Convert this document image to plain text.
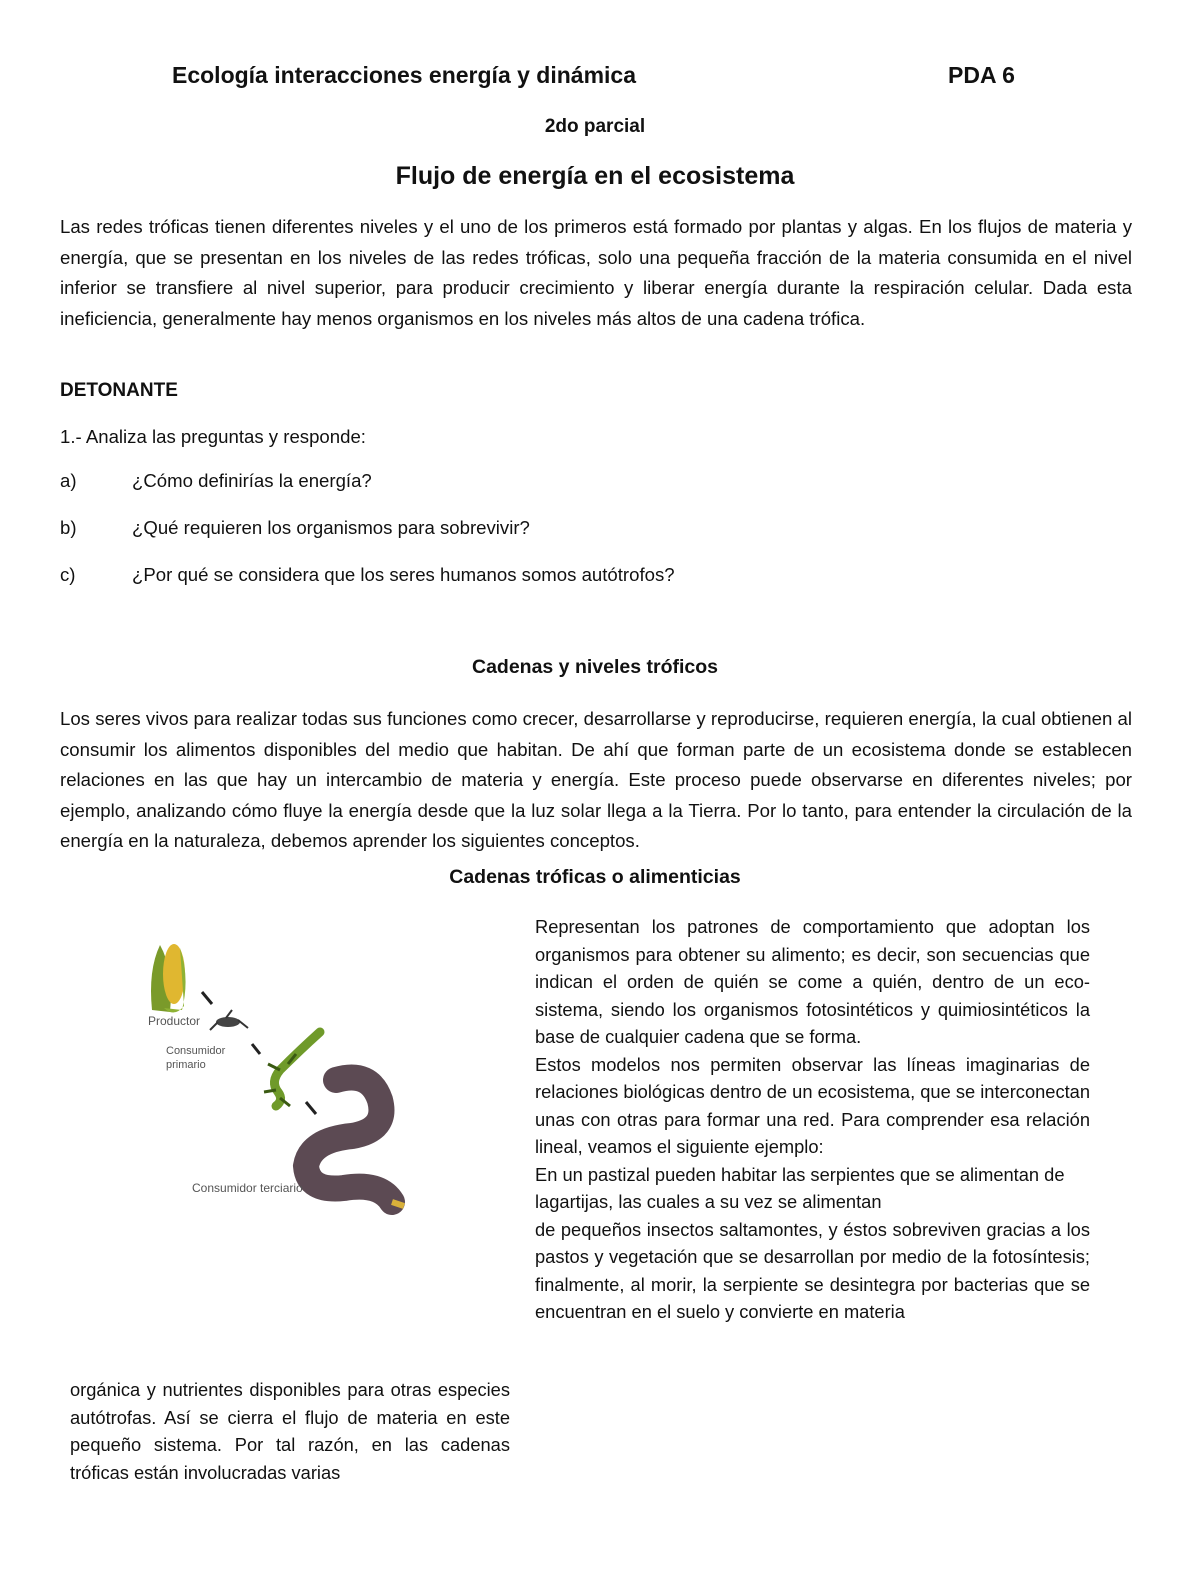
Ecología interacciones energía y dinámica	PDA 6
2do parcial
Flujo de energía en el ecosistema
Las redes tróficas tienen diferentes niveles y el uno de los primeros está formado por plantas y algas. En los flujos de materia y energía, que se presentan en los niveles de las redes tróficas, solo una pequeña fracción de la materia consumida en el nivel inferior se transfiere al nivel superior, para producir crecimiento y liberar energía durante la respiración celular. Dada esta ineficiencia, generalmente hay menos organismos en los niveles más altos de una cadena trófica.
DETONANTE
1.- Analiza las preguntas y responde:
a)	¿Cómo definirías la energía?
b)	¿Qué requieren los organismos para sobrevivir?
c)	¿Por qué se considera que los seres humanos somos autótrofos?
Cadenas y niveles tróficos
Los seres vivos para realizar todas sus funciones como crecer, desarrollarse y reproducirse, requieren energía, la cual obtienen al consumir los alimentos disponibles del medio que habitan. De ahí que forman parte de un ecosistema donde se establecen relaciones en las que hay un intercambio de materia y energía. Este proceso puede observarse en diferentes niveles; por ejemplo, analizando cómo fluye la energía desde que la luz solar llega a la Tierra. Por lo tanto, para entender la circulación de la energía en la naturaleza, debemos aprender los siguientes conceptos.
Cadenas tróficas o alimenticias
Representan los patrones de comportamiento que adoptan los organismos para obtener su alimento; es decir, son secuencias que indican el orden de quién se come a quién, dentro de un eco- sistema, siendo los organismos fotosintéticos y quimiosintéticos la base de cualquier cadena que se forma.
Estos modelos nos permiten observar las líneas imaginarias de relaciones biológicas dentro de un ecosistema, que se interconectan unas con otras para formar una red. Para comprender esa relación lineal, veamos el siguiente ejemplo:
En un pastizal pueden habitar las serpientes que se alimentan de lagartijas, las cuales a su vez se alimentan
de pequeños insectos saltamontes, y éstos sobreviven gracias a los pastos y vegetación que se desarrollan por medio de la fotosíntesis; finalmente, al morir, la serpiente se desintegra por bacterias que se encuentran en el suelo y convierte en materia
orgánica y nutrientes disponibles para otras especies autótrofas. Así se cierra el flujo de materia en este pequeño sistema. Por tal razón, en las cadenas tróficas están involucradas varias
Productor
Consumidor
primario
Consumidor terciario
